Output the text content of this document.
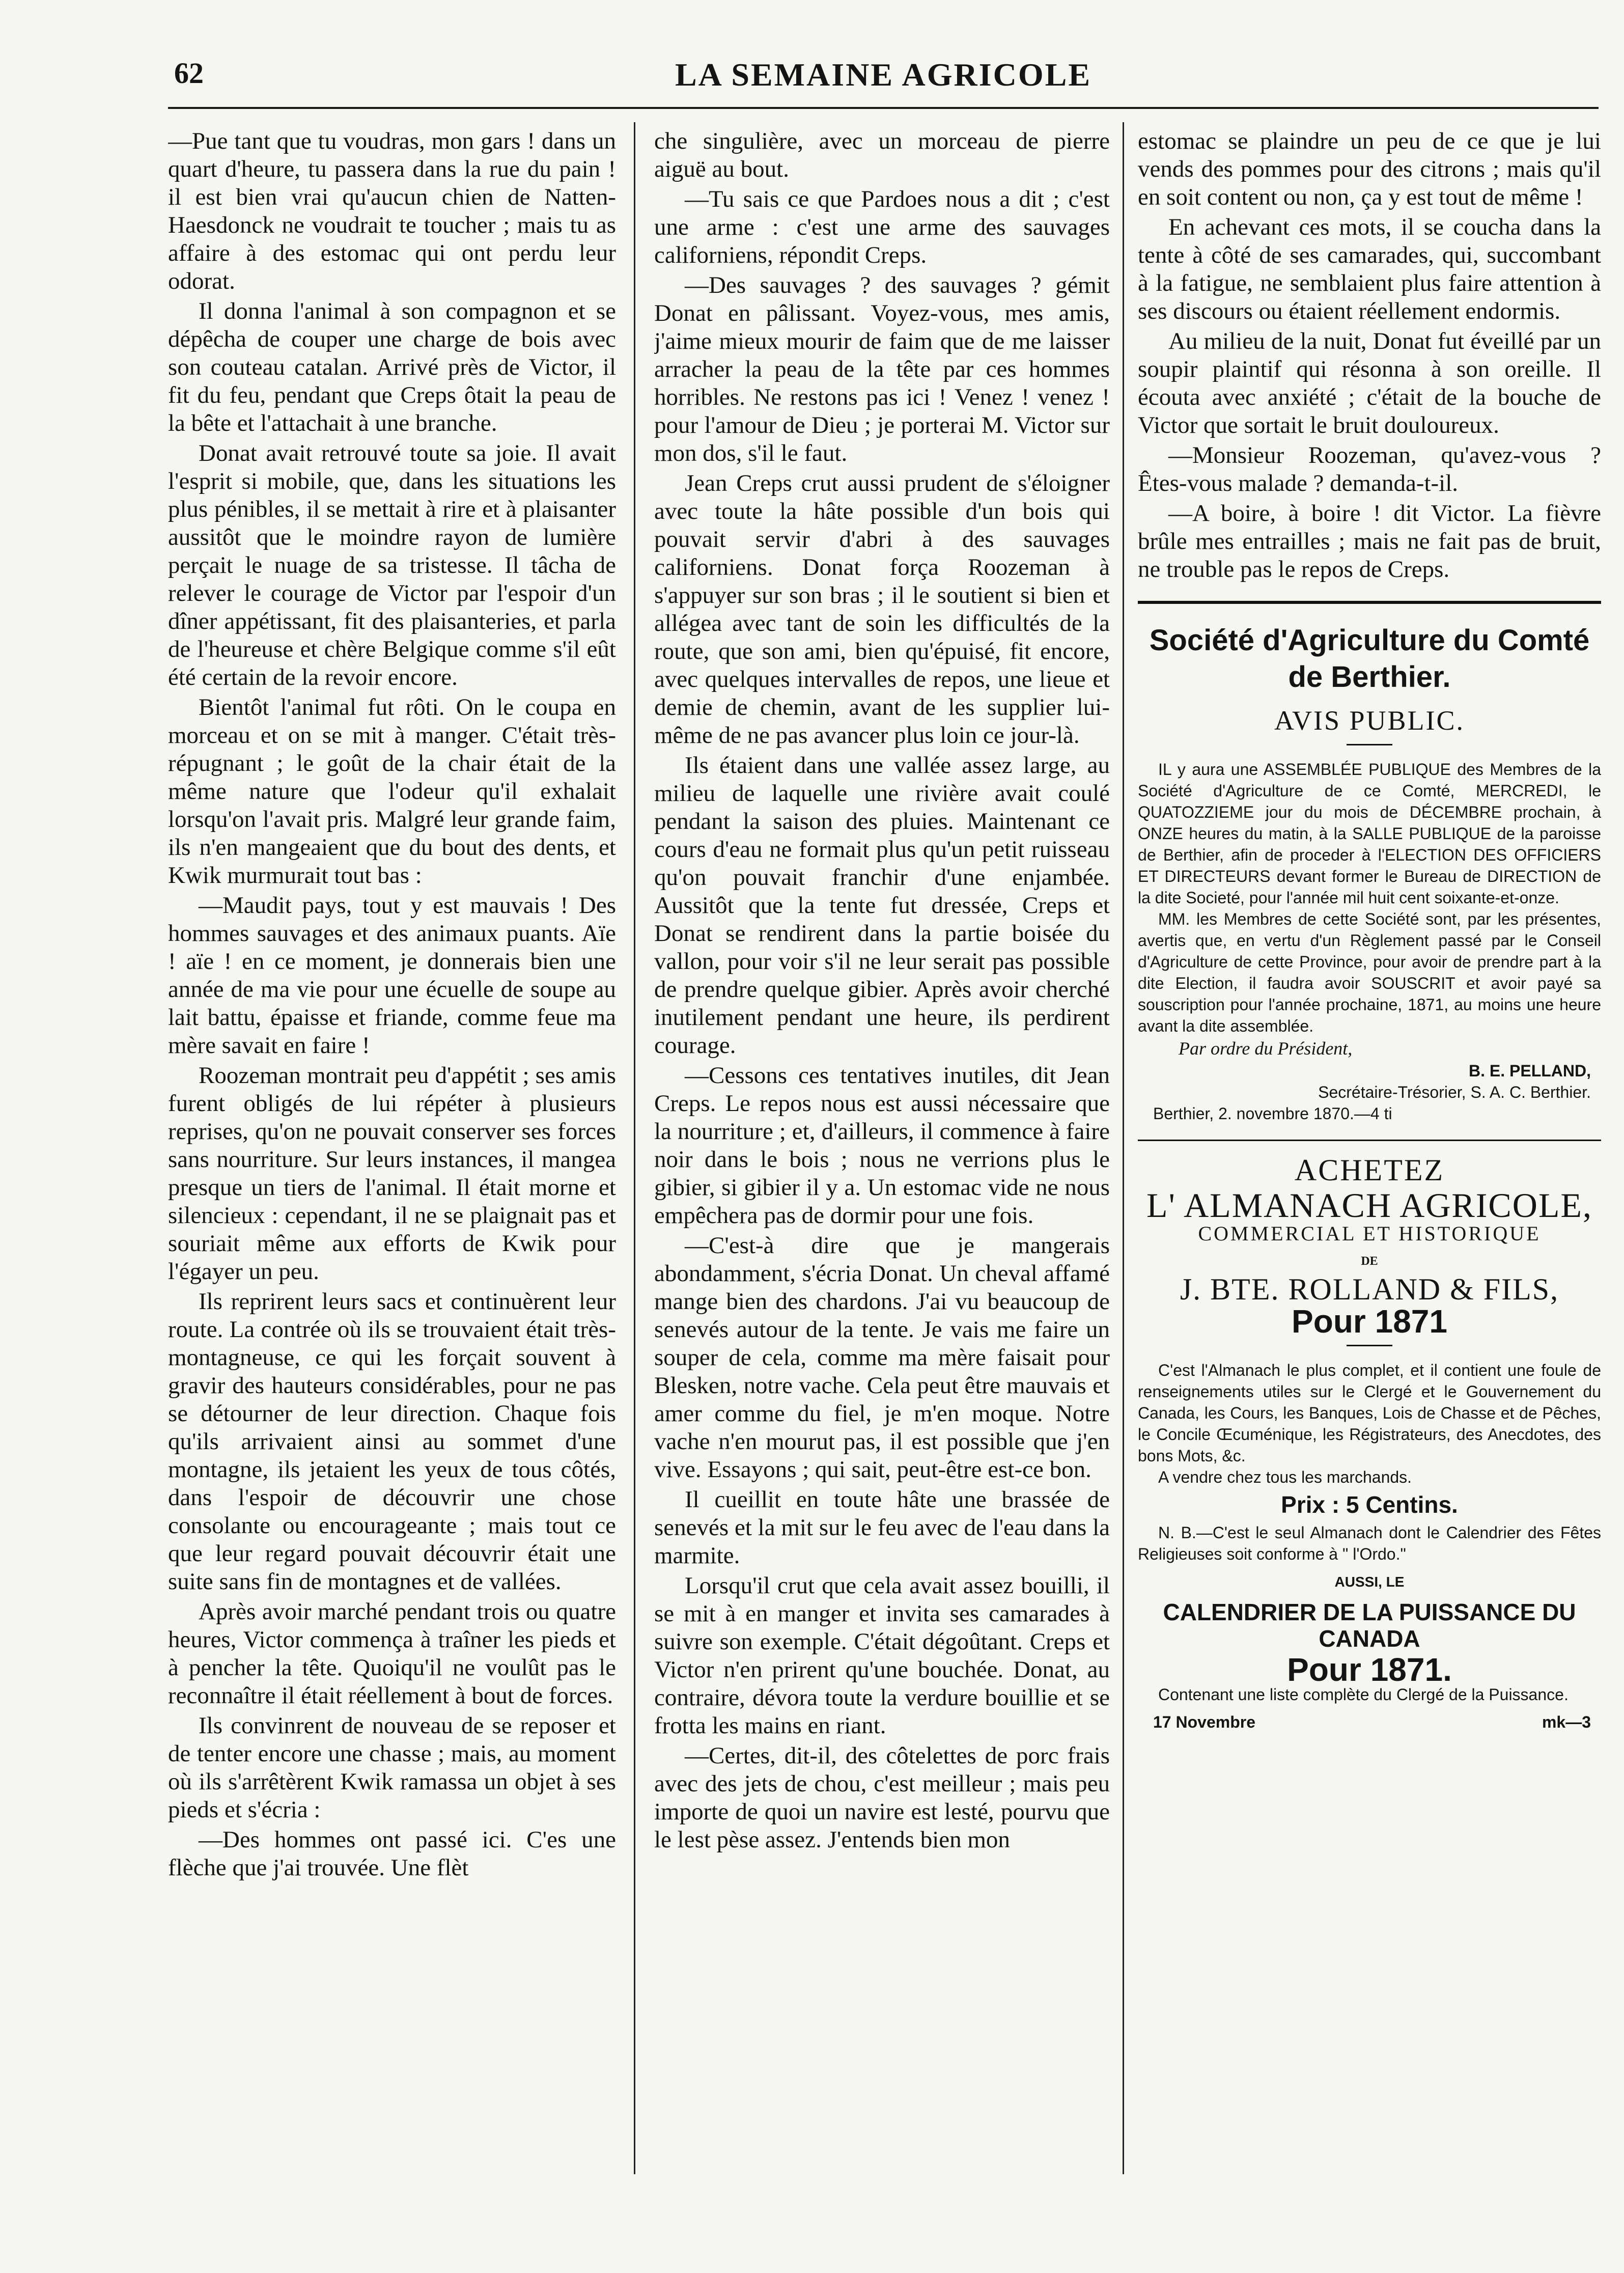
62	LA SEMAINE AGRICOLE

—Pue tant que tu voudras, mon gars ! dans un quart d'heure, tu passera dans la rue du pain ! il est bien vrai qu'aucun chien de Natten-Haesdonck ne voudrait te toucher ; mais tu as affaire à des estomac qui ont perdu leur odorat.

Il donna l'animal à son compagnon et se dépêcha de couper une charge de bois avec son couteau catalan. Arrivé près de Victor, il fit du feu, pendant que Creps ôtait la peau de la bête et l'attachait à une branche.

Donat avait retrouvé toute sa joie. Il avait l'esprit si mobile, que, dans les situations les plus pénibles, il se mettait à rire et à plaisanter aussitôt que le moindre rayon de lumière perçait le nuage de sa tristesse. Il tâcha de relever le courage de Victor par l'espoir d'un dîner appétissant, fit des plaisanteries, et parla de l'heureuse et chère Belgique comme s'il eût été certain de la revoir encore.

Bientôt l'animal fut rôti. On le coupa en morceau et on se mit à manger. C'était très-répugnant ; le goût de la chair était de la même nature que l'odeur qu'il exhalait lorsqu'on l'avait pris. Malgré leur grande faim, ils n'en mangeaient que du bout des dents, et Kwik murmurait tout bas :

—Maudit pays, tout y est mauvais ! Des hommes sauvages et des animaux puants. Aïe ! aïe ! en ce moment, je donnerais bien une année de ma vie pour une écuelle de soupe au lait battu, épaisse et friande, comme feue ma mère savait en faire !

Roozeman montrait peu d'appétit ; ses amis furent obligés de lui répéter à plusieurs reprises, qu'on ne pouvait conserver ses forces sans nourriture. Sur leurs instances, il mangea presque un tiers de l'animal. Il était morne et silencieux : cependant, il ne se plaignait pas et souriait même aux efforts de Kwik pour l'égayer un peu.

Ils reprirent leurs sacs et continuèrent leur route. La contrée où ils se trouvaient était très-montagneuse, ce qui les forçait souvent à gravir des hauteurs considérables, pour ne pas se détourner de leur direction. Chaque fois qu'ils arrivaient ainsi au sommet d'une montagne, ils jetaient les yeux de tous côtés, dans l'espoir de découvrir une chose consolante ou encourageante ; mais tout ce que leur regard pouvait découvrir était une suite sans fin de montagnes et de vallées.

Après avoir marché pendant trois ou quatre heures, Victor commença à traîner les pieds et à pencher la tête. Quoiqu'il ne voulût pas le reconnaître il était réellement à bout de forces.

Ils convinrent de nouveau de se reposer et de tenter encore une chasse ; mais, au moment où ils s'arrêtèrent Kwik ramassa un objet à ses pieds et s'écria :

—Des hommes ont passé ici. C'es une flèche que j'ai trouvée. Une flèt

che singulière, avec un morceau de pierre aiguë au bout.

—Tu sais ce que Pardoes nous a dit ; c'est une arme : c'est une arme des sauvages californiens, répondit Creps.

—Des sauvages ? des sauvages ? gémit Donat en pâlissant. Voyez-vous, mes amis, j'aime mieux mourir de faim que de me laisser arracher la peau de la tête par ces hommes horribles. Ne restons pas ici ! Venez ! venez ! pour l'amour de Dieu ; je porterai M. Victor sur mon dos, s'il le faut.

Jean Creps crut aussi prudent de s'éloigner avec toute la hâte possible d'un bois qui pouvait servir d'abri à des sauvages californiens. Donat força Roozeman à s'appuyer sur son bras ; il le soutient si bien et allégea avec tant de soin les difficultés de la route, que son ami, bien qu'épuisé, fit encore, avec quelques intervalles de repos, une lieue et demie de chemin, avant de les supplier lui-même de ne pas avancer plus loin ce jour-là.

Ils étaient dans une vallée assez large, au milieu de laquelle une rivière avait coulé pendant la saison des pluies. Maintenant ce cours d'eau ne formait plus qu'un petit ruisseau qu'on pouvait franchir d'une enjambée. Aussitôt que la tente fut dressée, Creps et Donat se rendirent dans la partie boisée du vallon, pour voir s'il ne leur serait pas possible de prendre quelque gibier. Après avoir cherché inutilement pendant une heure, ils perdirent courage.

—Cessons ces tentatives inutiles, dit Jean Creps. Le repos nous est aussi nécessaire que la nourriture ; et, d'ailleurs, il commence à faire noir dans le bois ; nous ne verrions plus le gibier, si gibier il y a. Un estomac vide ne nous empêchera pas de dormir pour une fois.

—C'est-à dire que je mangerais abondamment, s'écria Donat. Un cheval affamé mange bien des chardons. J'ai vu beaucoup de senevés autour de la tente. Je vais me faire un souper de cela, comme ma mère faisait pour Blesken, notre vache. Cela peut être mauvais et amer comme du fiel, je m'en moque. Notre vache n'en mourut pas, il est possible que j'en vive. Essayons ; qui sait, peut-être est-ce bon.

Il cueillit en toute hâte une brassée de senevés et la mit sur le feu avec de l'eau dans la marmite.

Lorsqu'il crut que cela avait assez bouilli, il se mit à en manger et invita ses camarades à suivre son exemple. C'était dégoûtant. Creps et Victor n'en prirent qu'une bouchée. Donat, au contraire, dévora toute la verdure bouillie et se frotta les mains en riant.

—Certes, dit-il, des côtelettes de porc frais avec des jets de chou, c'est meilleur ; mais peu importe de quoi un navire est lesté, pourvu que le lest pèse assez. J'entends bien mon

estomac se plaindre un peu de ce que je lui vends des pommes pour des citrons ; mais qu'il en soit content ou non, ça y est tout de même !

En achevant ces mots, il se coucha dans la tente à côté de ses camarades, qui, succombant à la fatigue, ne semblaient plus faire attention à ses discours ou étaient réellement endormis.

Au milieu de la nuit, Donat fut éveillé par un soupir plaintif qui résonna à son oreille. Il écouta avec anxiété ; c'était de la bouche de Victor que sortait le bruit douloureux.

—Monsieur Roozeman, qu'avez-vous ? Êtes-vous malade ? demanda-t-il.

—A boire, à boire ! dit Victor. La fièvre brûle mes entrailles ; mais ne fait pas de bruit, ne trouble pas le repos de Creps.

Société d'Agriculture du Comté de Berthier.
AVIS PUBLIC.
IL y aura une ASSEMBLÉE PUBLIQUE des Membres de la Société d'Agriculture de ce Comté, MERCREDI, le QUATOZZIEME jour du mois de DÉCEMBRE prochain, à ONZE heures du matin, à la SALLE PUBLIQUE de la paroisse de Berthier, afin de proceder à l'ELECTION DES OFFICIERS ET DIRECTEURS devant former le Bureau de DIRECTION de la dite Societé, pour l'année mil huit cent soixante-et-onze.
MM. les Membres de cette Société sont, par les présentes, avertis que, en vertu d'un Règlement passé par le Conseil d'Agriculture de cette Province, pour avoir de prendre part à la dite Election, il faudra avoir SOUSCRIT et avoir payé sa souscription pour l'année prochaine, 1871, au moins une heure avant la dite assemblée.
Par ordre du Président,
B. E. PELLAND,
Secrétaire-Trésorier, S. A. C. Berthier.
Berthier, 2. novembre 1870.—4 ti
ACHETEZ
L' ALMANACH AGRICOLE,
COMMERCIAL ET HISTORIQUE
DE
J. BTE. ROLLAND & FILS,
Pour 1871
C'est l'Almanach le plus complet, et il contient une foule de renseignements utiles sur le Clergé et le Gouvernement du Canada, les Cours, les Banques, Lois de Chasse et de Pêches, le Concile Œcuménique, les Régistrateurs, des Anecdotes, des bons Mots, &c.
A vendre chez tous les marchands.
Prix : 5 Centins.
N. B.—C'est le seul Almanach dont le Calendrier des Fêtes Religieuses soit conforme à " l'Ordo."
AUSSI, LE
CALENDRIER DE LA PUISSANCE DU CANADA
Pour 1871.
Contenant une liste complète du Clergé de la Puissance.
17 Novembre	mk—3
